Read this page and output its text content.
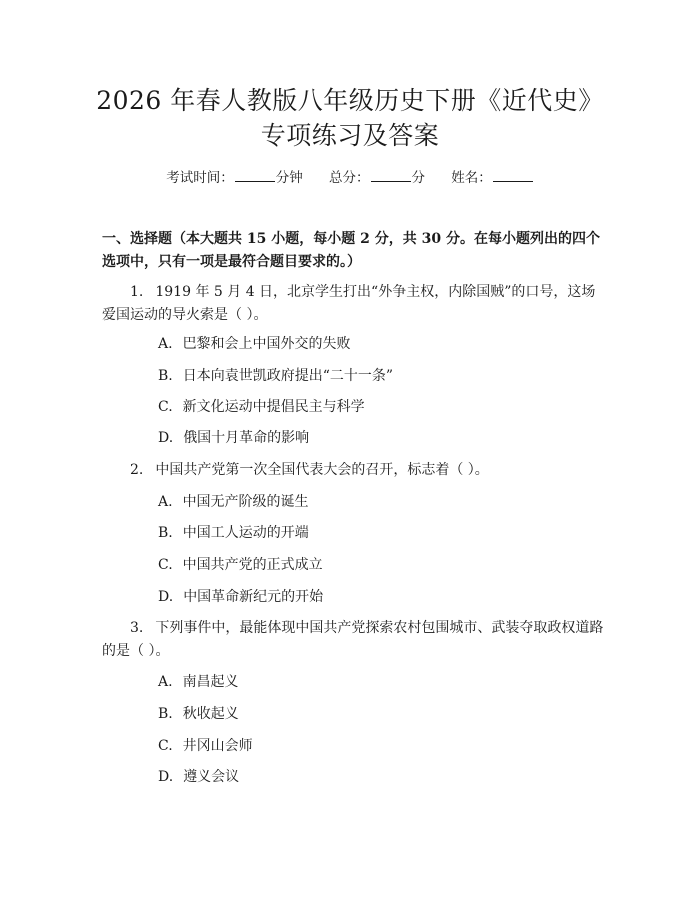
2026 年春人教版八年级历史下册《近代史》
专项练习及答案
考试时间：	分钟 总分：	分 姓名：
一、选择题（本大题共 15 小题，每小题 2 分，共 30 分。在每小题列出的四个选项中，只有一项是最符合题目要求的。）
1. 1919 年 5 月 4 日，北京学生打出“外争主权，内除国贼”的口号，这场爱国运动的导火索是（ ）。
A. 巴黎和会上中国外交的失败
B. 日本向袁世凯政府提出“二十一条”
C. 新文化运动中提倡民主与科学
D. 俄国十月革命的影响
2. 中国共产党第一次全国代表大会的召开，标志着（ ）。
A. 中国无产阶级的诞生
B. 中国工人运动的开端
C. 中国共产党的正式成立
D. 中国革命新纪元的开始
3. 下列事件中，最能体现中国共产党探索农村包围城市、武装夺取政权道路的是（ ）。
A. 南昌起义
B. 秋收起义
C. 井冈山会师
D. 遵义会议
